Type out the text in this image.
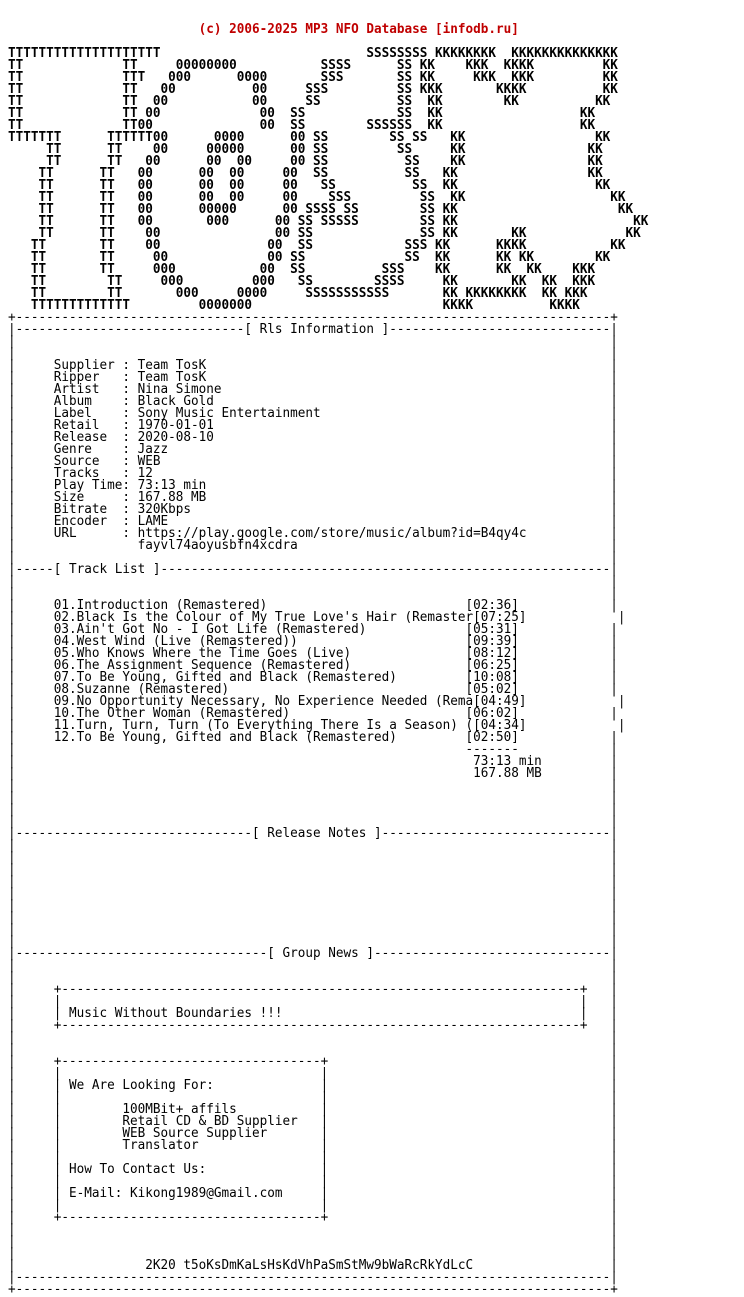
(c) 2006-2025 MP3 NFO Database [infodb.ru]

TTTTTTTTTTTTTTTTTTTT                           SSSSSSSS KKKKKKKK  KKKKKKKKKKKKKK
TT             TT     00000000           SSSS      SS KK    KKK  KKKK         KK
TT             TTT   000      0000       SSS       SS KK     KKK  KKK         KK
TT             TT   00          00     SSS         SS KKK       KKKK          KK
TT             TT  00           00     SS          SS  KK        KK          KK
TT             TT 00             00  SS            SS  KK                  KK
TT             TT00              00  SS        SSSSSS  KK                  KK
TTTTTTT      TTTTTT00      0000      00 SS        SS SS   KK                 KK
TT      TT    00     00000      00 SS         SS     KK                KK
TT      TT   00      00  00     00 SS          SS    KK                KK
TT      TT   00      00  00     00  SS          SS   KK                 KK
TT      TT   00      00  00     00   SS          SS  KK                  KK
TT      TT   00      00  00     00    SSS         SS  KK                   KK
TT      TT   00      00000      00 SSSS SS        SS KK                     KK
TT      TT   00       000      00 SS SSSSS        SS KK                       KK
TT      TT    00               00 SS              SS KK       KK             KK
TT       TT    00              00  SS            SSS KK      KKKK           KK
TT       TT     00             00 SS             SS  KK      KK KK        KK
TT       TT     000           00  SS          SSS    KK      KK  KK    KKK
TT        TT     000         000   SS        SSSS     KK       KK  KK  KKK
TT        TT       000     0000     SSSSSSSSSSS       KK KKKKKKKK  KK KKK
TTTTTTTTTTTTT         0000000                         KKKK          KKKK
+------------------------------------------------------------------------------+
|------------------------------[ Rls Information ]-----------------------------|
|                                                                              |
|                                                                              |
|     Supplier : Team TosK                                                     |
|     Ripper   : Team TosK                                                     |
|     Artist   : Nina Simone                                                   |
|     Album    : Black Gold                                                    |
|     Label    : Sony Music Entertainment                                      |
|     Retail   : 1970-01-01                                                    |
|     Release  : 2020-08-10                                                    |
|     Genre    : Jazz                                                          |
|     Source   : WEB                                                           |
|     Tracks   : 12                                                            |
|     Play Time: 73:13 min                                                     |
|     Size     : 167.88 MB                                                     |
|     Bitrate  : 320Kbps                                                       |
|     Encoder  : LAME                                                          |
|     URL      : https://play.google.com/store/music/album?id=B4qy4c           |
|                fayvl74aoyusbfn4xcdra                                         |
|                                                                              |
|-----[ Track List ]-----------------------------------------------------------|
|                                                                              |
|                                                                              |
|     01.Introduction (Remastered)                          [02:36]            |
|     02.Black Is the Colour of My True Love's Hair (Remaster[07:25]            |
|     03.Ain't Got No - I Got Life (Remastered)             [05:31]            |
|     04.West Wind (Live (Remastered))                      [09:39]            |
|     05.Who Knows Where the Time Goes (Live)               [08:12]            |
|     06.The Assignment Sequence (Remastered)               [06:25]            |
|     07.To Be Young, Gifted and Black (Remastered)         [10:08]            |
|     08.Suzanne (Remastered)                               [05:02]            |
|     09.No Opportunity Necessary, No Experience Needed (Rema[04:49]            |
|     10.The Other Woman (Remastered)                       [06:02]            |
|     11.Turn, Turn, Turn (To Everything There Is a Season) ([04:34]            |
|     12.To Be Young, Gifted and Black (Remastered)         [02:50]            |
|                                                           -------            |
|                                                            73:13 min         |
|                                                            167.88 MB         |
|                                                                              |
|                                                                              |
|                                                                              |
|                                                                              |
|-------------------------------[ Release Notes ]------------------------------|
|                                                                              |
|                                                                              |
|                                                                              |
|                                                                              |
|                                                                              |
|                                                                              |
|                                                                              |
|                                                                              |
|                                                                              |
|---------------------------------[ Group News ]-------------------------------|
|                                                                              |
|                                                                              |
|     +--------------------------------------------------------------------+   |
|     |                                                                    |   |
|     | Music Without Boundaries !!!                                       |   |
|     +--------------------------------------------------------------------+   |
|                                                                              |
|                                                                              |
|     +----------------------------------+                                     |
|     |                                  |                                     |
|     | We Are Looking For:              |                                     |
|     |                                  |                                     |
|     |        100MBit+ affils           |                                     |
|     |        Retail CD & BD Supplier   |                                     |
|     |        WEB Source Supplier       |                                     |
|     |        Translator                |                                     |
|     |                                  |                                     |
|     | How To Contact Us:               |                                     |
|     |                                  |                                     |
|     | E-Mail: Kikong1989@Gmail.com     |                                     |
|     |                                  |                                     |
|     +----------------------------------+                                     |
|                                                                              |
|                                                                              |
|                                                                              |
|                 2K20 t5oKsDmKaLsHsKdVhPaSmStMw9bWaRcRkYdLcC                  |
|------------------------------------------------------------------------------|
+------------------------------------------------------------------------------+
